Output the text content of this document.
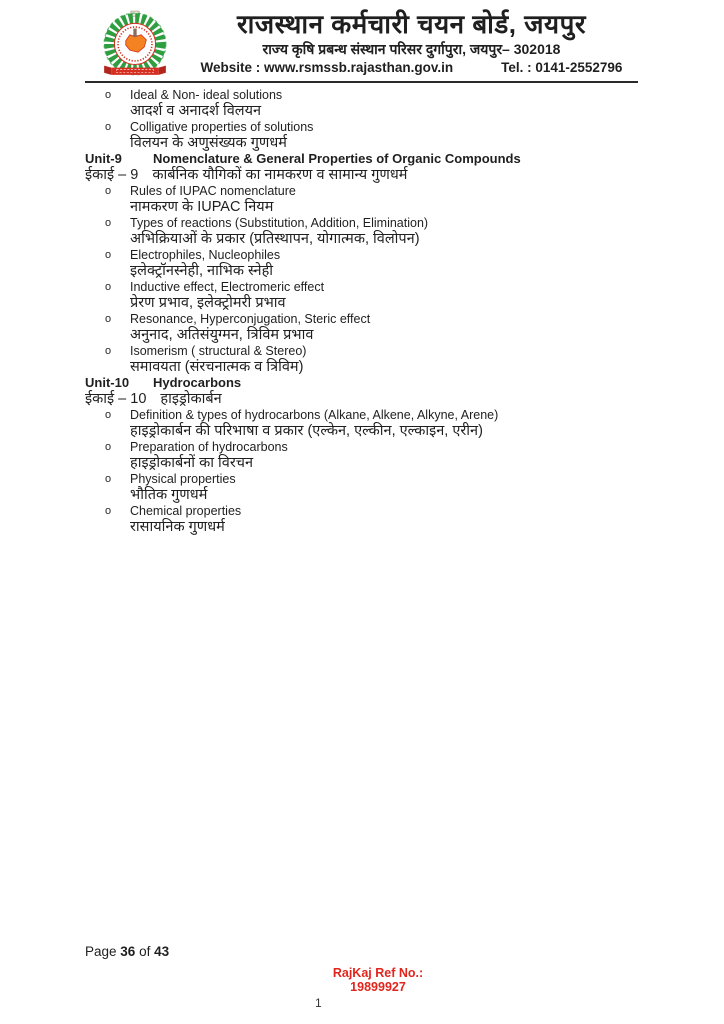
राजस्थान कर्मचारी चयन बोर्ड, जयपुर
राज्य कृषि प्रबन्ध संस्थान परिसर दुर्गापुरा, जयपुर– 302018
Website : www.rsmssb.rajasthan.gov.in	Tel. : 0141-2552796
o	Ideal & Non- ideal solutions
आदर्श व अनादर्श विलयन
o	Colligative properties of solutions
विलयन के अणुसंख्यक गुणधर्म
Unit-9	Nomenclature & General Properties of Organic Compounds
ईकाई – 9 कार्बनिक यौगिकों का नामकरण व सामान्य गुणधर्म
o	Rules of IUPAC nomenclature
नामकरण के IUPAC नियम
o	Types of reactions (Substitution, Addition, Elimination)
अभिक्रियाओं के प्रकार (प्रतिस्थापन, योगात्मक, विलोपन)
o	Electrophiles, Nucleophiles
इलेक्ट्रॉनस्नेही, नाभिक स्नेही
o	Inductive effect, Electromeric effect
प्रेरण प्रभाव, इलेक्ट्रोमरी प्रभाव
o	Resonance, Hyperconjugation, Steric effect
अनुनाद, अतिसंयुग्मन, त्रिविम प्रभाव
o	Isomerism ( structural & Stereo)
समावयता (संरचनात्मक व त्रिविम)
Unit-10	Hydrocarbons
ईकाई – 10 हाइड्रोकार्बन
o	Definition & types of hydrocarbons (Alkane, Alkene, Alkyne, Arene)
हाइड्रोकार्बन की परिभाषा व प्रकार (एल्केन, एल्कीन, एल्काइन, एरीन)
o	Preparation of hydrocarbons
हाइड्रोकार्बनों का विरचन
o	Physical properties
भौतिक गुणधर्म
o	Chemical properties
रासायनिक गुणधर्म
Page 36 of 43
RajKaj Ref No.:
19899927
1
